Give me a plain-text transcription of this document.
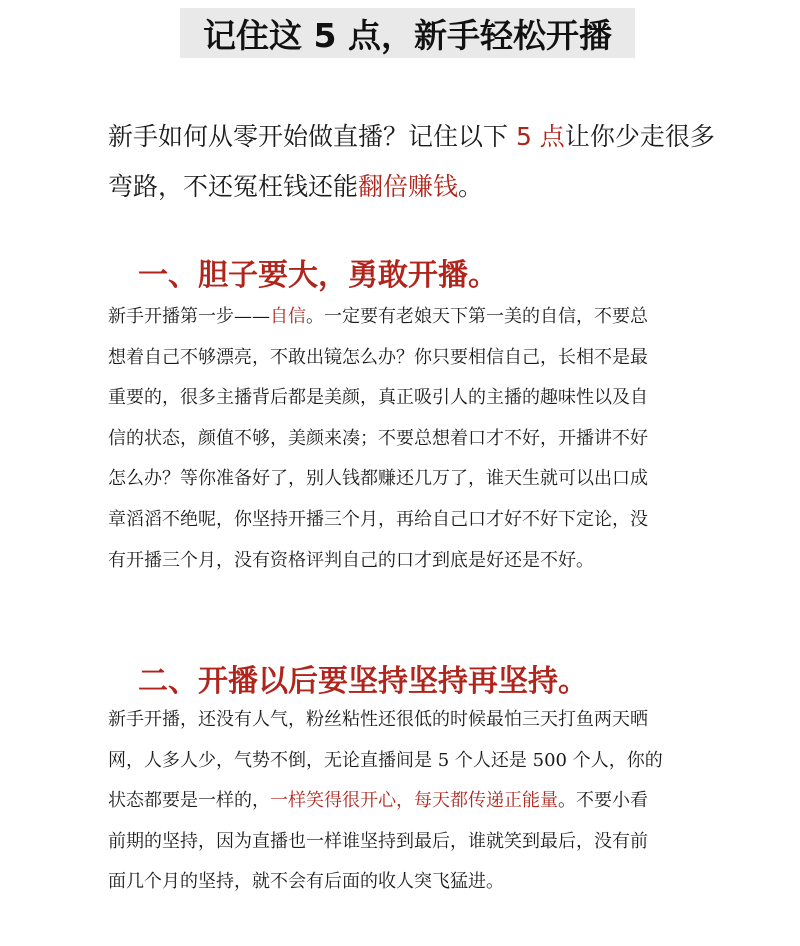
记住这 5 点，新手轻松开播
新手如何从零开始做直播？记住以下 5 点让你少走很多弯路，不还冤枉钱还能翻倍赚钱。
一、胆子要大，勇敢开播。
新手开播第一步——自信。一定要有老娘天下第一美的自信，不要总
想着自己不够漂亮，不敢出镜怎么办？你只要相信自己，长相不是最
重要的，很多主播背后都是美颜，真正吸引人的主播的趣味性以及自
信的状态，颜值不够，美颜来凑；不要总想着口才不好，开播讲不好
怎么办？等你准备好了，别人钱都赚还几万了，谁天生就可以出口成
章滔滔不绝呢，你坚持开播三个月，再给自己口才好不好下定论，没
有开播三个月，没有资格评判自己的口才到底是好还是不好。
二、开播以后要坚持坚持再坚持。
新手开播，还没有人气，粉丝粘性还很低的时候最怕三天打鱼两天晒
网，人多人少，气势不倒，无论直播间是 5 个人还是 500 个人，你的
状态都要是一样的，一样笑得很开心，每天都传递正能量。不要小看
前期的坚持，因为直播也一样谁坚持到最后，谁就笑到最后，没有前
面几个月的坚持，就不会有后面的收人突飞猛进。
